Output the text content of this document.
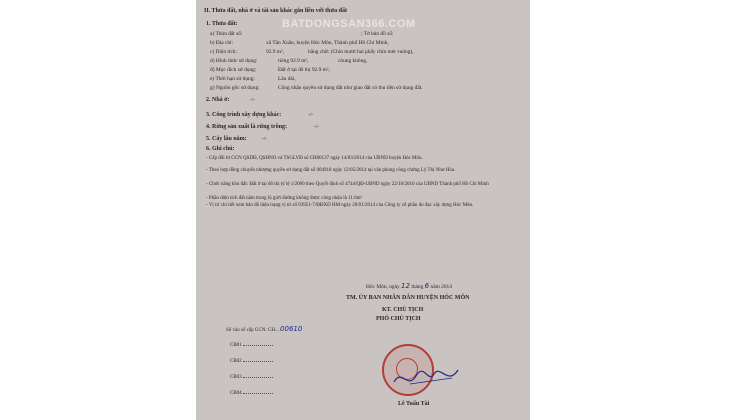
BATDONGSAN366.COM
II. Thửa đất, nhà ở và tài sản khác gắn liền với thửa đất
1. Thửa đất:
a) Thửa đất số:	; Tờ bản đồ số:
b) Địa chỉ:	xã Tân Xuân, huyện Hóc Môn, Thành phố Hồ Chí Minh,
c) Diện tích:	92.9 m²,	bằng chữ: (Chín mươi hai phẩy chín mét vuông),
d) Hình thức sử dụng:	riêng 92.9 m²,	chung không,
đ) Mục đích sử dụng:	Đất ở tại đô thị 92.9 m²,
e) Thời hạn sử dụng:	Lâu dài,
g) Nguồn gốc sử dụng:	Công nhận quyền sử dụng đất như giao đất có thu tiền sử dụng đất.
2. Nhà ở:	-/-
3. Công trình xây dựng khác:	-/-
4. Rừng sản xuất là rừng trồng:	-/-
5. Cây lâu năm:	-/-
6. Ghi chú:
- Cấp đổi từ GCN QSDĐ, QSHNO và TSGLVĐ số CH00137 ngày 14/03/2014 của UBND huyện Hóc Môn.
- Theo hợp đồng chuyển nhượng quyền sử dụng đất số 004918 ngày 12/05/2014 tại văn phòng công chứng Lý Thị Như Hòa.
- Chức năng khu đất: Đất ở tại đô thị tỷ lệ 1/2000 theo Quyết định số 4744/QĐ-UBND ngày 22/10/2010 của UBND Thành phố Hồ Chí Minh
- Phần diện tích đất nằm trong lộ giới đường không được công nhận là 11.6m²
- Vị trí chi tiết xem bản đồ hiện trạng vị trí số 03951-7/ĐĐXD HM ngày 20/01/2014 của Công ty cổ phần đo đạc xây dựng Hóc Môn.
Hóc Môn, ngày 12 tháng 6 năm 2014
TM. ỦY BAN NHÂN DÂN HUYỆN HÓC MÔN
KT. CHỦ TỊCH
PHÓ CHỦ TỊCH
Lê Tuấn Tài
Số vào sổ cấp GCN: CH... 00610
CB01
CB02
CB03
CB04
